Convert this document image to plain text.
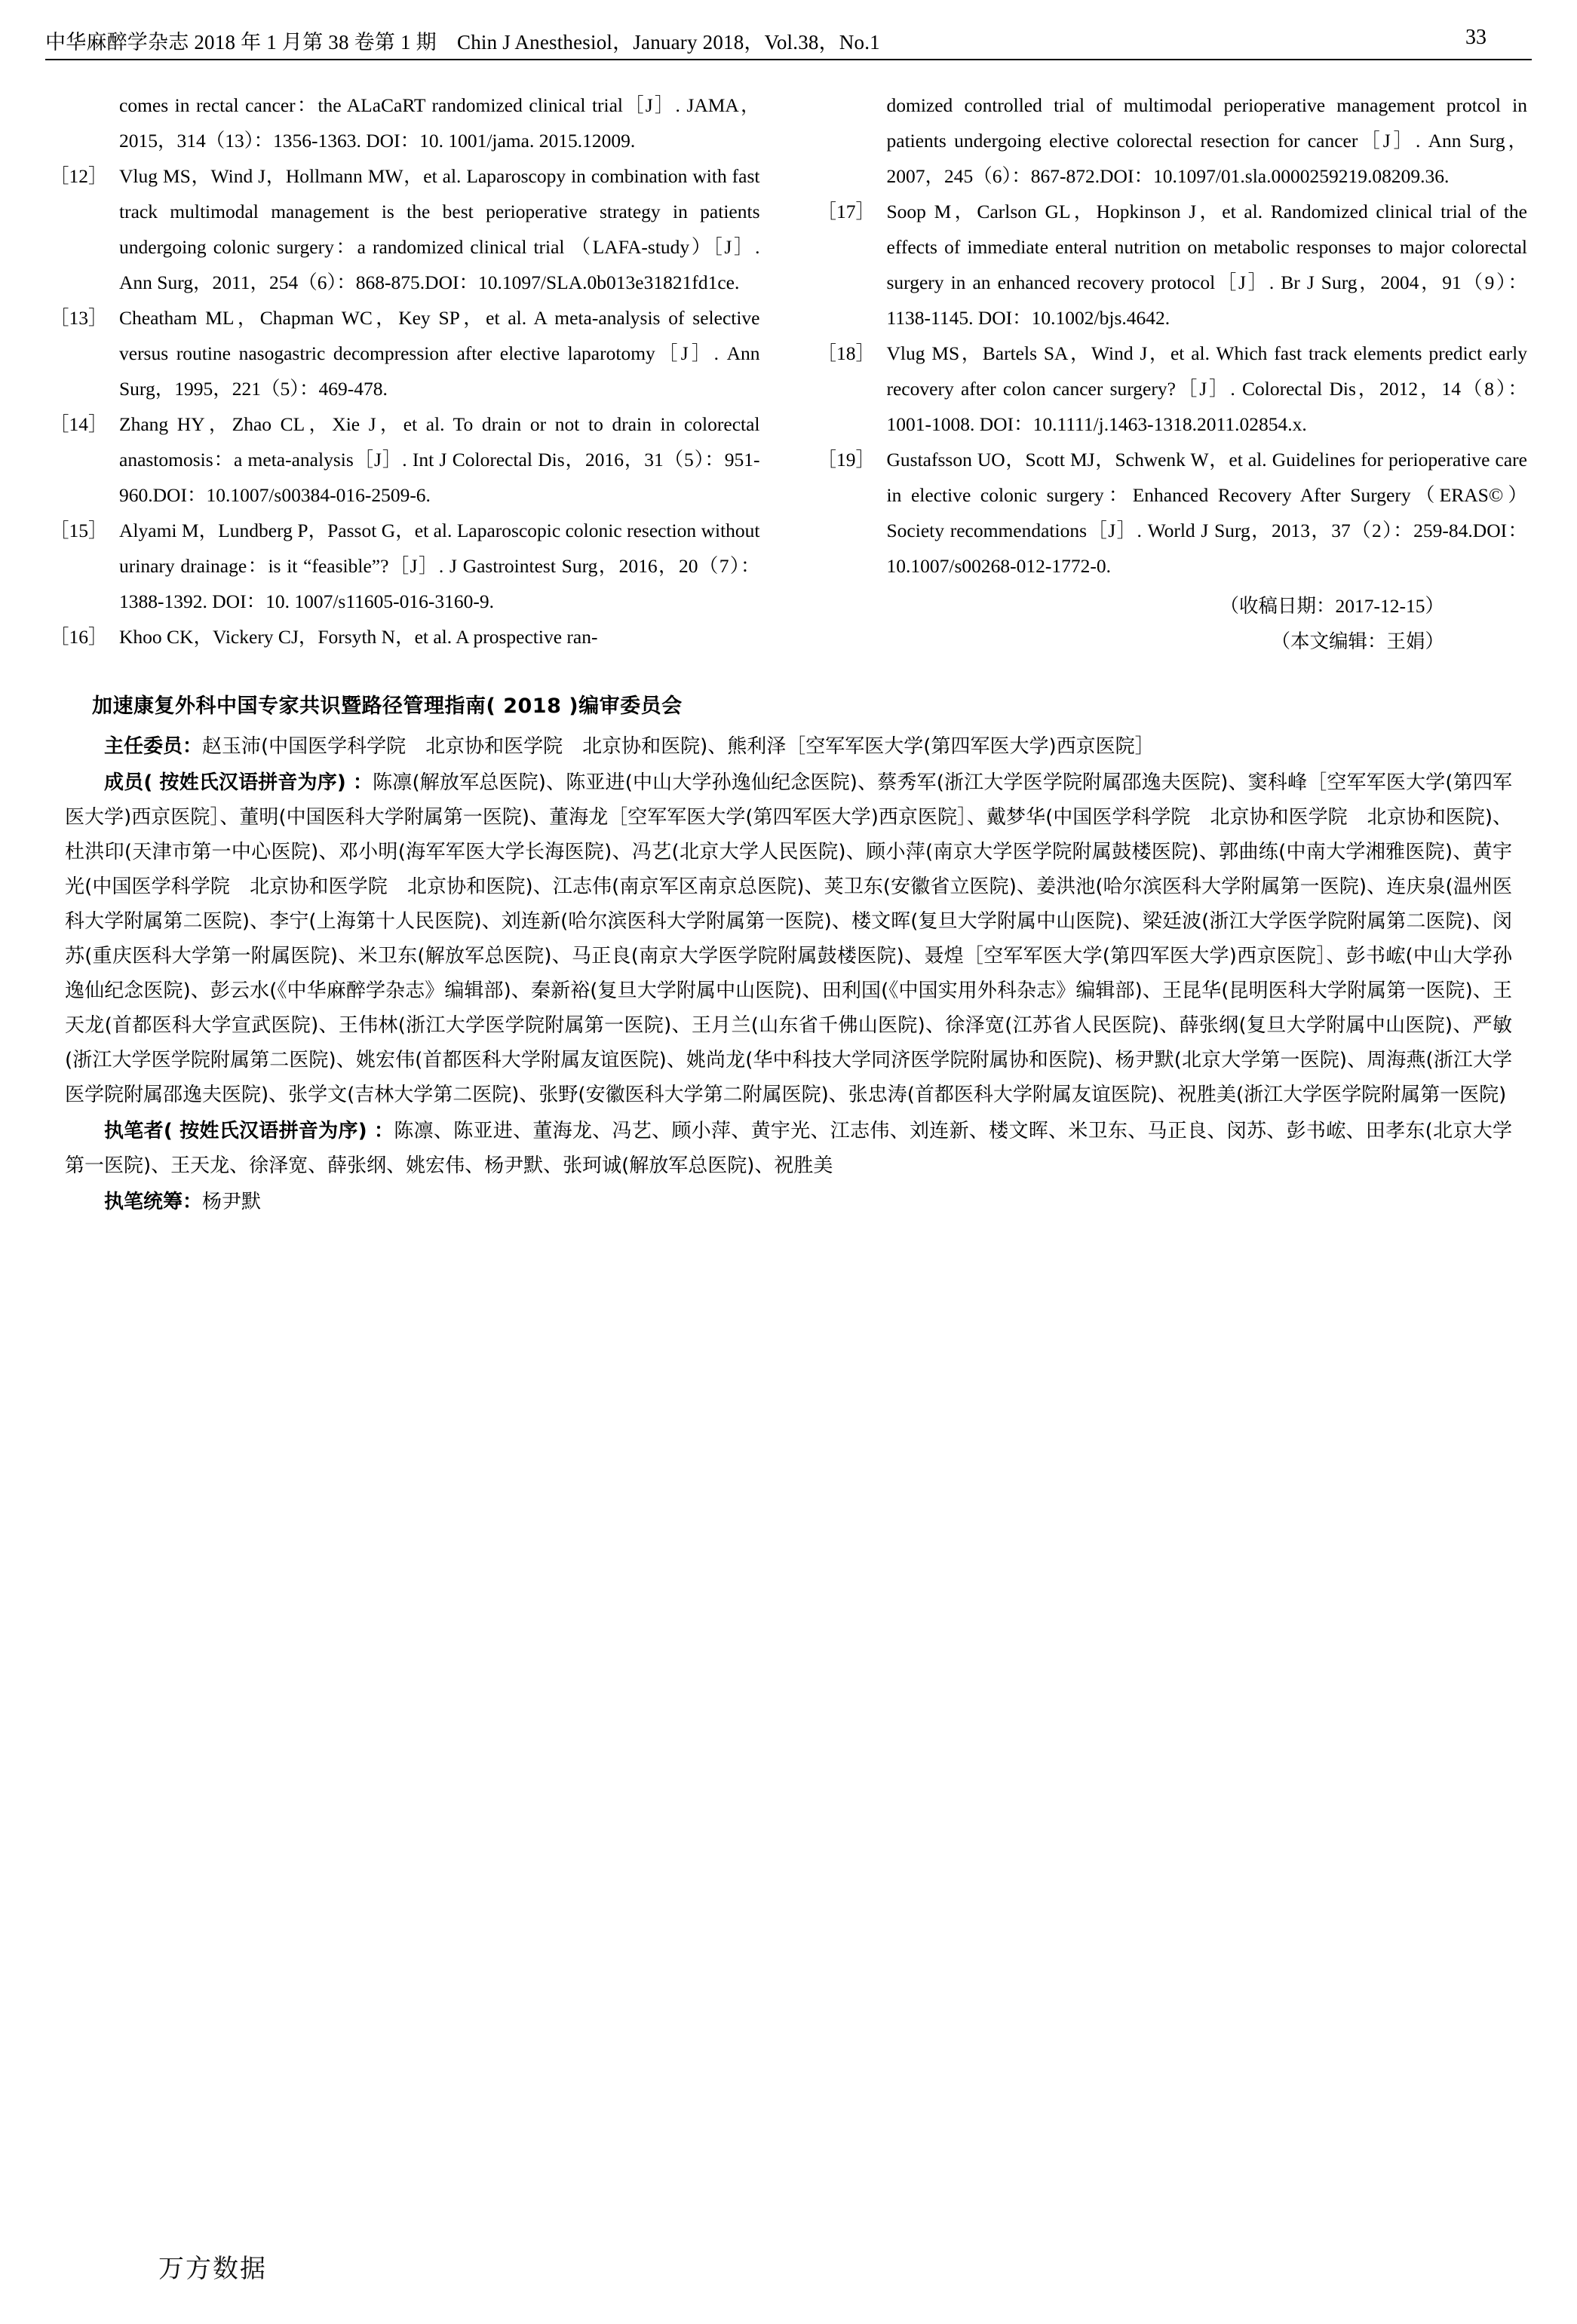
中华麻醉学杂志 2018 年 1 月第 38 卷第 1 期　Chin J Anesthesiol，January 2018，Vol.38，No.1	33
comes in rectal cancer：the ALaCaRT randomized clinical trial［J］. JAMA，2015，314（13）：1356-1363. DOI：10. 1001/jama. 2015.12009.
［12］ Vlug MS，Wind J，Hollmann MW，et al. Laparoscopy in combination with fast track multimodal management is the best perioperative strategy in patients undergoing colonic surgery：a randomized clinical trial （LAFA-study）［J］. Ann Surg，2011，254（6）：868-875.DOI：10.1097/SLA.0b013e31821fd1ce.
［13］ Cheatham ML，Chapman WC，Key SP，et al. A meta-analysis of selective versus routine nasogastric decompression after elective laparotomy［J］. Ann Surg，1995，221（5）：469-478.
［14］ Zhang HY，Zhao CL，Xie J，et al. To drain or not to drain in colorectal anastomosis：a meta-analysis［J］. Int J Colorectal Dis，2016，31（5）：951-960.DOI：10.1007/s00384-016-2509-6.
［15］ Alyami M，Lundberg P，Passot G，et al. Laparoscopic colonic resection without urinary drainage：is it “feasible”?［J］. J Gastrointest Surg，2016，20（7）：1388-1392. DOI：10. 1007/s11605-016-3160-9.
［16］ Khoo CK，Vickery CJ，Forsyth N，et al. A prospective ran-
domized controlled trial of multimodal perioperative management protcol in patients undergoing elective colorectal resection for cancer［J］. Ann Surg，2007，245（6）：867-872.DOI：10.1097/01.sla.0000259219.08209.36.
［17］ Soop M，Carlson GL，Hopkinson J，et al. Randomized clinical trial of the effects of immediate enteral nutrition on metabolic responses to major colorectal surgery in an enhanced recovery protocol［J］. Br J Surg，2004，91（9）：1138-1145. DOI：10.1002/bjs.4642.
［18］ Vlug MS，Bartels SA，Wind J，et al. Which fast track elements predict early recovery after colon cancer surgery?［J］. Colorectal Dis，2012，14（8）：1001-1008. DOI：10.1111/j.1463-1318.2011.02854.x.
［19］ Gustafsson UO，Scott MJ，Schwenk W，et al. Guidelines for perioperative care in elective colonic surgery：Enhanced Recovery After Surgery（ERAS©）Society recommendations［J］. World J Surg，2013，37（2）：259-84.DOI：10.1007/s00268-012-1772-0.
（收稿日期：2017-12-15）
（本文编辑：王娟）
加速康复外科中国专家共识暨路径管理指南( 2018 )编审委员会
主任委员：赵玉沛(中国医学科学院　北京协和医学院　北京协和医院)、熊利泽［空军军医大学(第四军医大学)西京医院］
成员( 按姓氏汉语拼音为序) ：陈凛(解放军总医院)、陈亚进(中山大学孙逸仙纪念医院)、蔡秀军(浙江大学医学院附属邵逸夫医院)、窦科峰［空军军医大学(第四军医大学)西京医院］、董明(中国医科大学附属第一医院)、董海龙［空军军医大学(第四军医大学)西京医院］、戴梦华(中国医学科学院　北京协和医学院　北京协和医院)、杜洪印(天津市第一中心医院)、邓小明(海军军医大学长海医院)、冯艺(北京大学人民医院)、顾小萍(南京大学医学院附属鼓楼医院)、郭曲练(中南大学湘雅医院)、黄宇光(中国医学科学院　北京协和医学院　北京协和医院)、江志伟(南京军区南京总医院)、荚卫东(安徽省立医院)、姜洪池(哈尔滨医科大学附属第一医院)、连庆泉(温州医科大学附属第二医院)、李宁(上海第十人民医院)、刘连新(哈尔滨医科大学附属第一医院)、楼文晖(复旦大学附属中山医院)、梁廷波(浙江大学医学院附属第二医院)、闵苏(重庆医科大学第一附属医院)、米卫东(解放军总医院)、马正良(南京大学医学院附属鼓楼医院)、聂煌［空军军医大学(第四军医大学)西京医院］、彭书峵(中山大学孙逸仙纪念医院)、彭云水(《中华麻醉学杂志》编辑部)、秦新裕(复旦大学附属中山医院)、田利国(《中国实用外科杂志》编辑部)、王昆华(昆明医科大学附属第一医院)、王天龙(首都医科大学宣武医院)、王伟林(浙江大学医学院附属第一医院)、王月兰(山东省千佛山医院)、徐泽宽(江苏省人民医院)、薛张纲(复旦大学附属中山医院)、严敏(浙江大学医学院附属第二医院)、姚宏伟(首都医科大学附属友谊医院)、姚尚龙(华中科技大学同济医学院附属协和医院)、杨尹默(北京大学第一医院)、周海燕(浙江大学医学院附属邵逸夫医院)、张学文(吉林大学第二医院)、张野(安徽医科大学第二附属医院)、张忠涛(首都医科大学附属友谊医院)、祝胜美(浙江大学医学院附属第一医院)
执笔者( 按姓氏汉语拼音为序) ：陈凛、陈亚进、董海龙、冯艺、顾小萍、黄宇光、江志伟、刘连新、楼文晖、米卫东、马正良、闵苏、彭书峵、田孝东(北京大学第一医院)、王天龙、徐泽宽、薛张纲、姚宏伟、杨尹默、张珂诚(解放军总医院)、祝胜美
执笔统筹：杨尹默
万方数据
